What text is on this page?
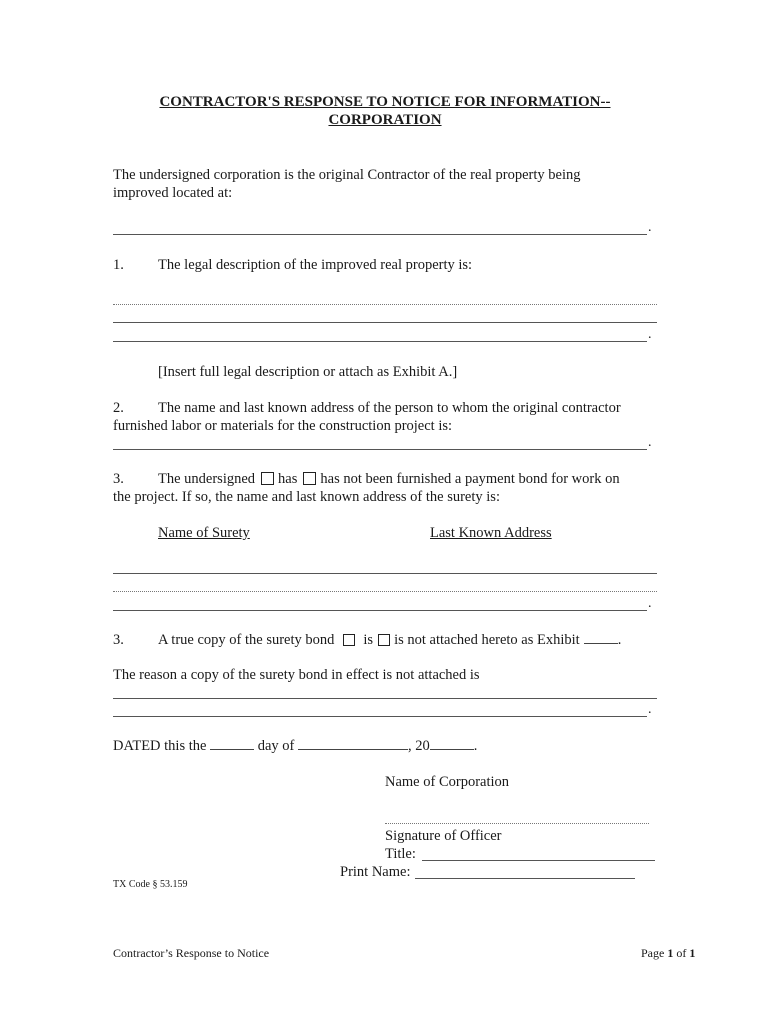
CONTRACTOR'S RESPONSE TO NOTICE FOR INFORMATION--
CORPORATION
The undersigned corporation is the original Contractor of the real property being
improved located at:
.
1. The legal description of the improved real property is:
.
[Insert full legal description or attach as Exhibit A.]
2. The name and last known address of the person to whom the original contractor
furnished labor or materials for the construction project is:
.
3. The undersigned has has not been furnished a payment bond for work on
the project. If so, the name and last known address of the surety is:
Name of Surety	Last Known Address
.
3. A true copy of the surety bond is is not attached hereto as Exhibit	.
The reason a copy of the surety bond in effect is not attached is
.
DATED this the	day of	, 20	.
Name of Corporation
Signature of Officer
Title:
Print Name:
TX Code § 53.159
Contractor’s Response to Notice	Page 1 of 1
